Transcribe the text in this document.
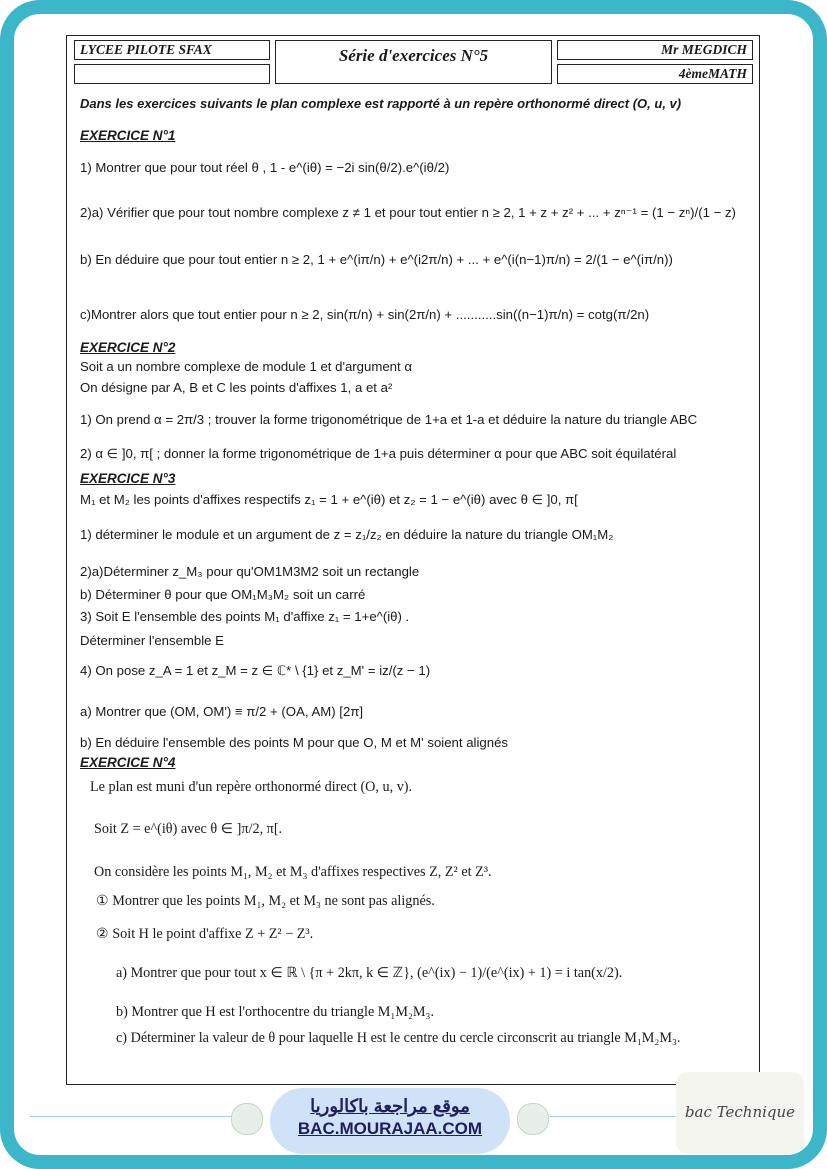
LYCEE PILOTE SFAX	Série d'exercices N°5	Mr MEGDICH
4èmeMATH
Dans les exercices suivants le plan complexe est rapporté à un repère orthonormé direct (O, u, v)
EXERCICE N°1
1) Montrer que pour tout réel θ , 1 - e^(iθ) = −2i sin(θ/2).e^(iθ/2)
2)a) Vérifier que pour tout nombre complexe z ≠ 1 et pour tout entier n ≥ 2, 1 + z + z² + ... + zⁿ⁻¹ = (1 − zⁿ)/(1 − z)
b) En déduire que pour tout entier n ≥ 2, 1 + e^(iπ/n) + e^(i2π/n) + ... + e^(i(n−1)π/n) = 2/(1 − e^(iπ/n))
c)Montrer alors que tout entier pour n ≥ 2, sin(π/n) + sin(2π/n) + ...........sin((n−1)π/n) = cotg(π/2n)
EXERCICE N°2
Soit a un nombre complexe de module 1 et d'argument α
On désigne par A, B et C les points d'affixes 1, a et a²
1) On prend α = 2π/3 ; trouver la forme trigonométrique de 1+a et 1-a et déduire la nature du triangle ABC
2) α ∈ ]0, π[ ; donner la forme trigonométrique de 1+a puis déterminer α pour que ABC soit équilatéral
EXERCICE N°3
M₁ et M₂ les points d'affixes respectifs z₁ = 1 + e^(iθ) et z₂ = 1 − e^(iθ) avec θ ∈ ]0, π[
1) déterminer le module et un argument de z = z₁/z₂ en déduire la nature du triangle OM₁M₂
2)a)Déterminer z_M₃ pour qu'OM1M3M2 soit un rectangle
b) Déterminer θ pour que OM₁M₃M₂ soit un carré
3) Soit E l'ensemble des points M₁ d'affixe z₁ = 1+e^(iθ) .
Déterminer l'ensemble E
4) On pose z_A = 1 et z_M = z ∈ ℂ* \ {1} et z_M' = iz/(z − 1)
a) Montrer que (OM, OM') ≡ π/2 + (OA, AM) [2π]
b) En déduire l'ensemble des points M pour que O, M et M' soient alignés
EXERCICE N°4
Le plan est muni d'un repère orthonormé direct (O, u, v).
Soit Z = e^(iθ) avec θ ∈ ]π/2, π[.
On considère les points M₁, M₂ et M₃ d'affixes respectives Z, Z² et Z³.
① Montrer que les points M₁, M₂ et M₃ ne sont pas alignés.
② Soit H le point d'affixe Z + Z² − Z³.
a) Montrer que pour tout x ∈ ℝ \ {π + 2kπ, k ∈ ℤ}, (e^(ix) − 1)/(e^(ix) + 1) = i tan(x/2).
b) Montrer que H est l'orthocentre du triangle M₁M₂M₃.
c) Déterminer la valeur de θ pour laquelle H est le centre du cercle circonscrit au triangle M₁M₂M₃.
موقع مراجعة باكالوريا
BAC.MOURAJAA.COM
bac Technique
